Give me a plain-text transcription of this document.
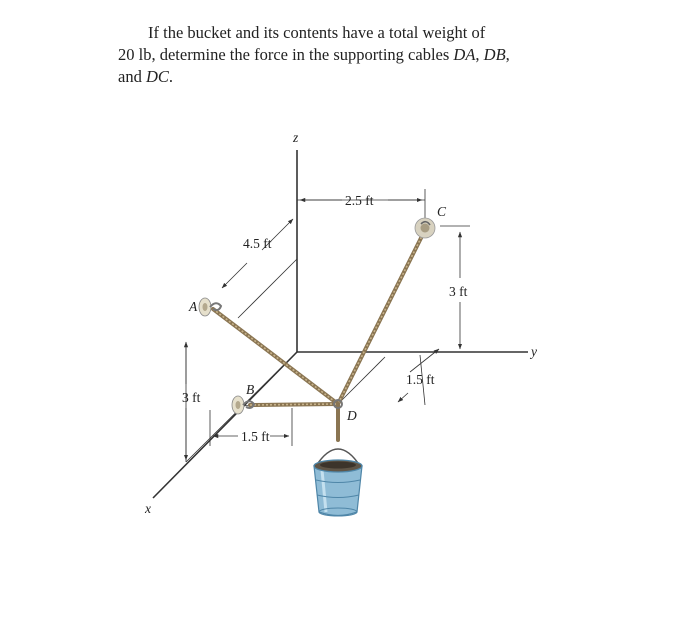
If the bucket and its contents have a total weight of

20 lb, determine the force in the supporting cables DA, DB,

and DC.

z
y
x
A
B
C
D
2.5 ft
4.5 ft
3 ft
3 ft
1.5 ft
1.5 ft
